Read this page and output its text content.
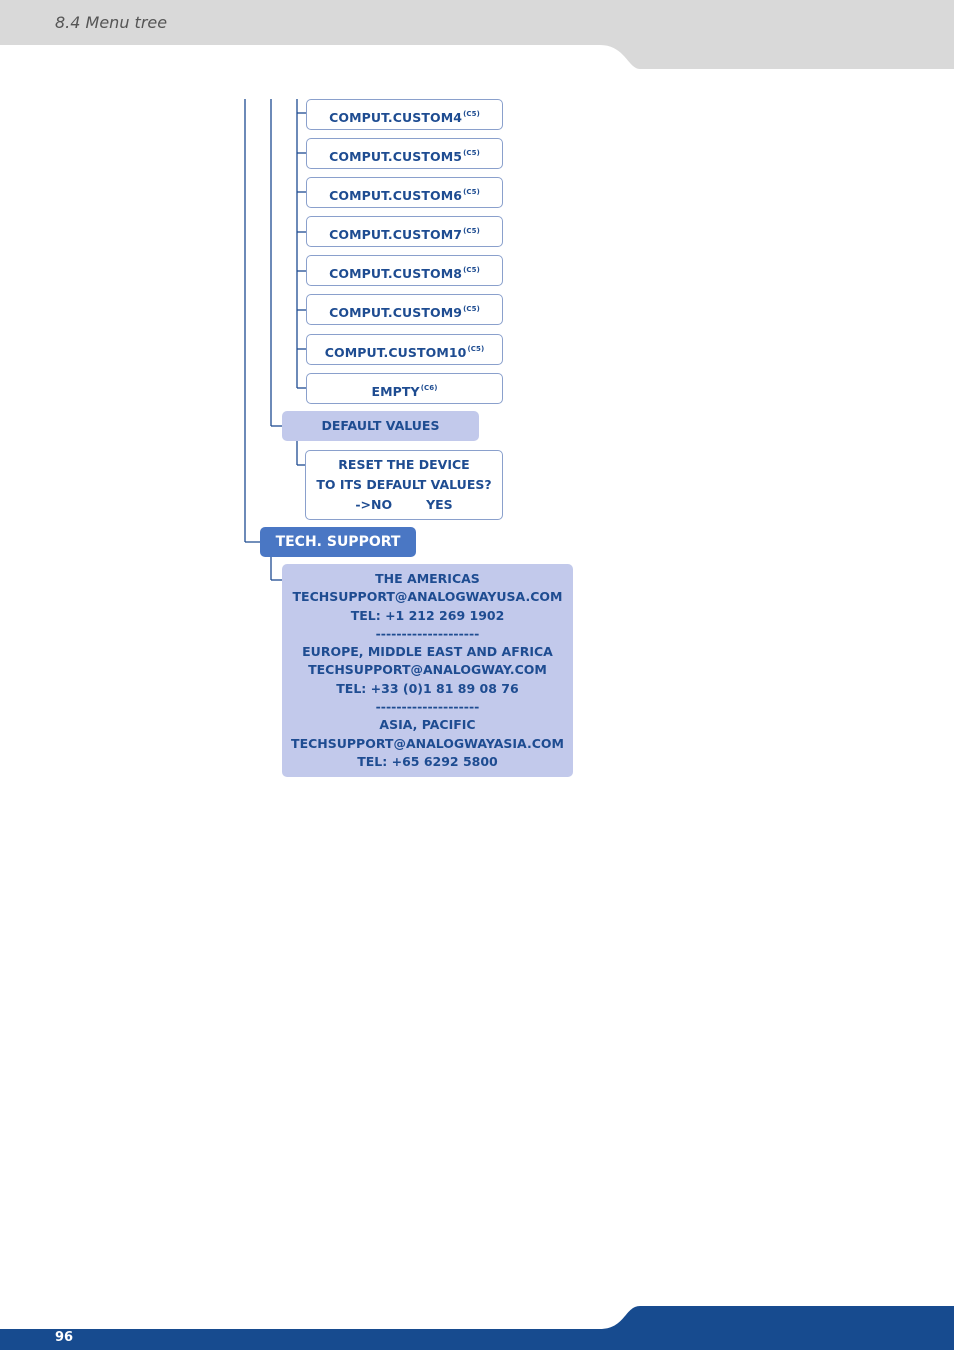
8.4 Menu tree
$COMPUT.CUSTOM4^{(C5)}$
$COMPUT.CUSTOM5^{(C5)}$
$COMPUT.CUSTOM6^{(C5)}$
$COMPUT.CUSTOM7^{(C5)}$
$COMPUT.CUSTOM8^{(C5)}$
$COMPUT.CUSTOM9^{(C5)}$
$COMPUT.CUSTOM10^{(C5)}$
$EMPTY^{(C6)}$
DEFAULT VALUES
RESET THE DEVICE
TO ITS DEFAULT VALUES?
->NO	YES
TECH. SUPPORT
THE AMERICAS
TECHSUPPORT@ANALOGWAYUSA.COM
TEL: +1 212 269 1902
--------------------
EUROPE, MIDDLE EAST AND AFRICA
TECHSUPPORT@ANALOGWAY.COM
TEL: +33 (0)1 81 89 08 76
--------------------
ASIA, PACIFIC
TECHSUPPORT@ANALOGWAYASIA.COM
TEL: +65 6292 5800
96
